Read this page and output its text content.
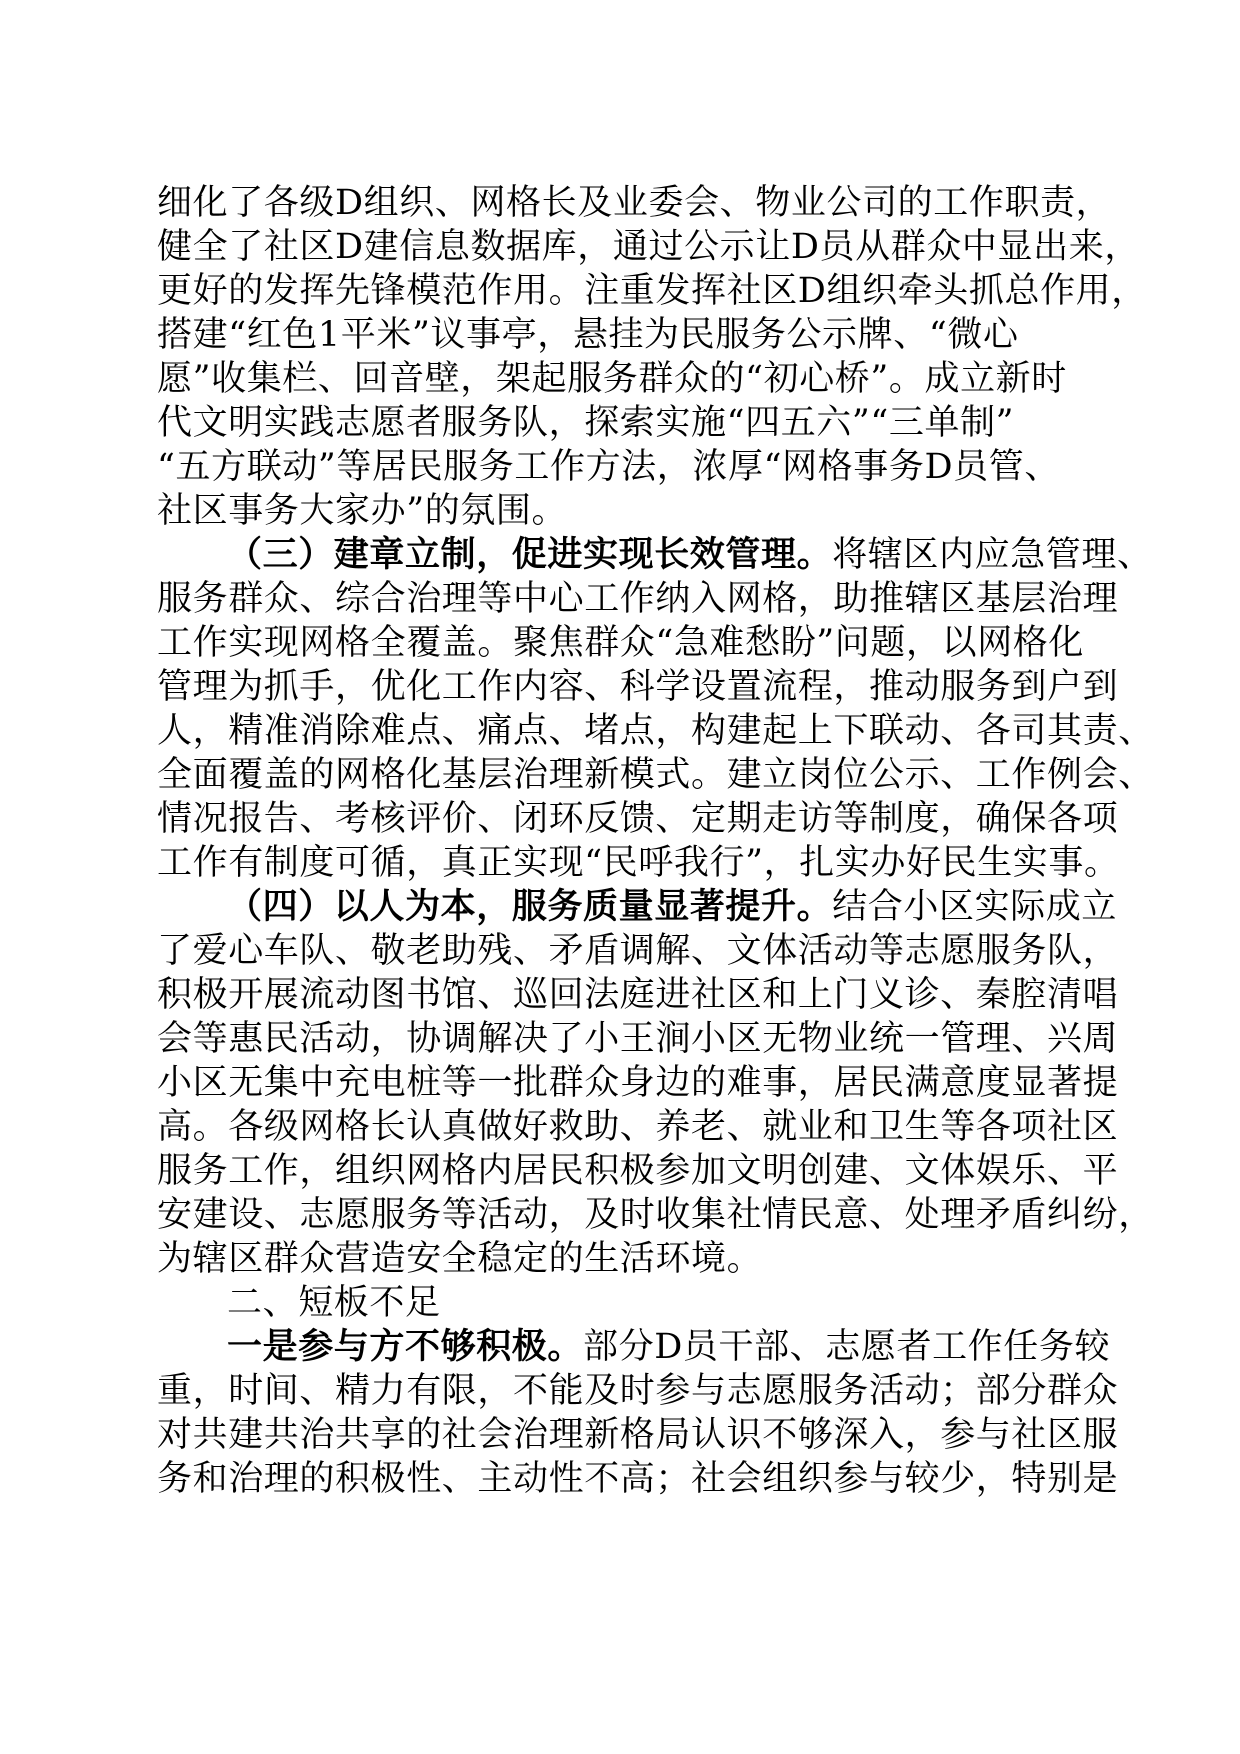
细化了各级D组织、网格长及业委会、物业公司的工作职责，
健全了社区D建信息数据库，通过公示让D员从群众中显出来，
更好的发挥先锋模范作用。注重发挥社区D组织牵头抓总作用，
搭建“红色1平米”议事亭，悬挂为民服务公示牌、“微心
愿”收集栏、回音壁，架起服务群众的“初心桥”。成立新时
代文明实践志愿者服务队，探索实施“四五六”“三单制”
“五方联动”等居民服务工作方法，浓厚“网格事务D员管、
社区事务大家办”的氛围。
（三）建章立制，促进实现长效管理。将辖区内应急管理、
服务群众、综合治理等中心工作纳入网格，助推辖区基层治理
工作实现网格全覆盖。聚焦群众“急难愁盼”问题，以网格化
管理为抓手，优化工作内容、科学设置流程，推动服务到户到
人，精准消除难点、痛点、堵点，构建起上下联动、各司其责、
全面覆盖的网格化基层治理新模式。建立岗位公示、工作例会、
情况报告、考核评价、闭环反馈、定期走访等制度，确保各项
工作有制度可循，真正实现“民呼我行”，扎实办好民生实事。
（四）以人为本，服务质量显著提升。结合小区实际成立
了爱心车队、敬老助残、矛盾调解、文体活动等志愿服务队，
积极开展流动图书馆、巡回法庭进社区和上门义诊、秦腔清唱
会等惠民活动，协调解决了小王涧小区无物业统一管理、兴周
小区无集中充电桩等一批群众身边的难事，居民满意度显著提
高。各级网格长认真做好救助、养老、就业和卫生等各项社区
服务工作，组织网格内居民积极参加文明创建、文体娱乐、平
安建设、志愿服务等活动，及时收集社情民意、处理矛盾纠纷，
为辖区群众营造安全稳定的生活环境。
二、短板不足
一是参与方不够积极。部分D员干部、志愿者工作任务较
重，时间、精力有限，不能及时参与志愿服务活动；部分群众
对共建共治共享的社会治理新格局认识不够深入，参与社区服
务和治理的积极性、主动性不高；社会组织参与较少，特别是
